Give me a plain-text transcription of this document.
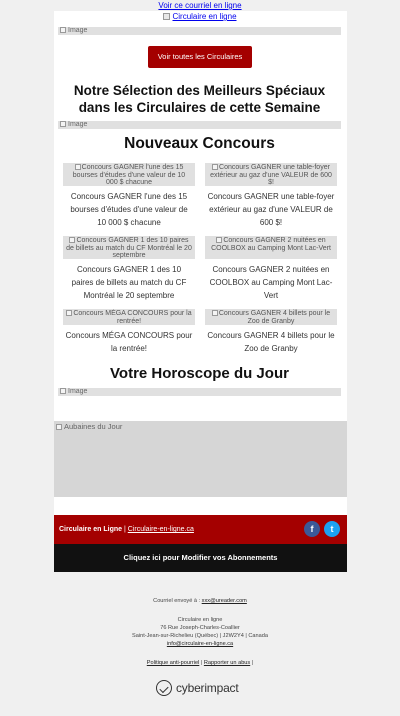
Voir ce courriel en ligne
Circulaire en ligne
Image
Voir toutes les Circulaires
Notre Sélection des Meilleurs Spéciaux dans les Circulaires de cette Semaine
Image
Nouveaux Concours
Concours GAGNER l'une des 15 bourses d'études d'une valeur de 10 000 $ chacune
Concours GAGNER l'une des 15 bourses d'études d'une valeur de 10 000 $ chacune
Concours GAGNER une table-foyer extérieur au gaz d'une VALEUR de 600 $!
Concours GAGNER une table-foyer extérieur au gaz d'une VALEUR de 600 $!
Concours GAGNER 1 des 10 paires de billets au match du CF Montréal le 20 septembre
Concours GAGNER 1 des 10 paires de billets au match du CF Montréal le 20 septembre
Concours GAGNER 2 nuitées en COOLBOX au Camping Mont Lac-Vert
Concours GAGNER 2 nuitées en COOLBOX au Camping Mont Lac-Vert
Concours MÉGA CONCOURS pour la rentrée!
Concours MÉGA CONCOURS pour la rentrée!
Concours GAGNER 4 billets pour le Zoo de Granby
Concours GAGNER 4 billets pour le Zoo de Granby
Votre Horoscope du Jour
Image
Aubaines du Jour
Circulaire en Ligne | Circulaire-en-ligne.ca	f	t
Cliquez ici pour Modifier vos Abonnements
Courriel envoyé à : xxx@ureader.com
Circulaire en ligne
76 Rue Joseph-Charles-Coallier
Saint-Jean-sur-Richelieu (Québec) | J2W2Y4 | Canada
info@circulaire-en-ligne.ca
Politique anti-pourriel | Rapporter un abus |
cyberimpact
